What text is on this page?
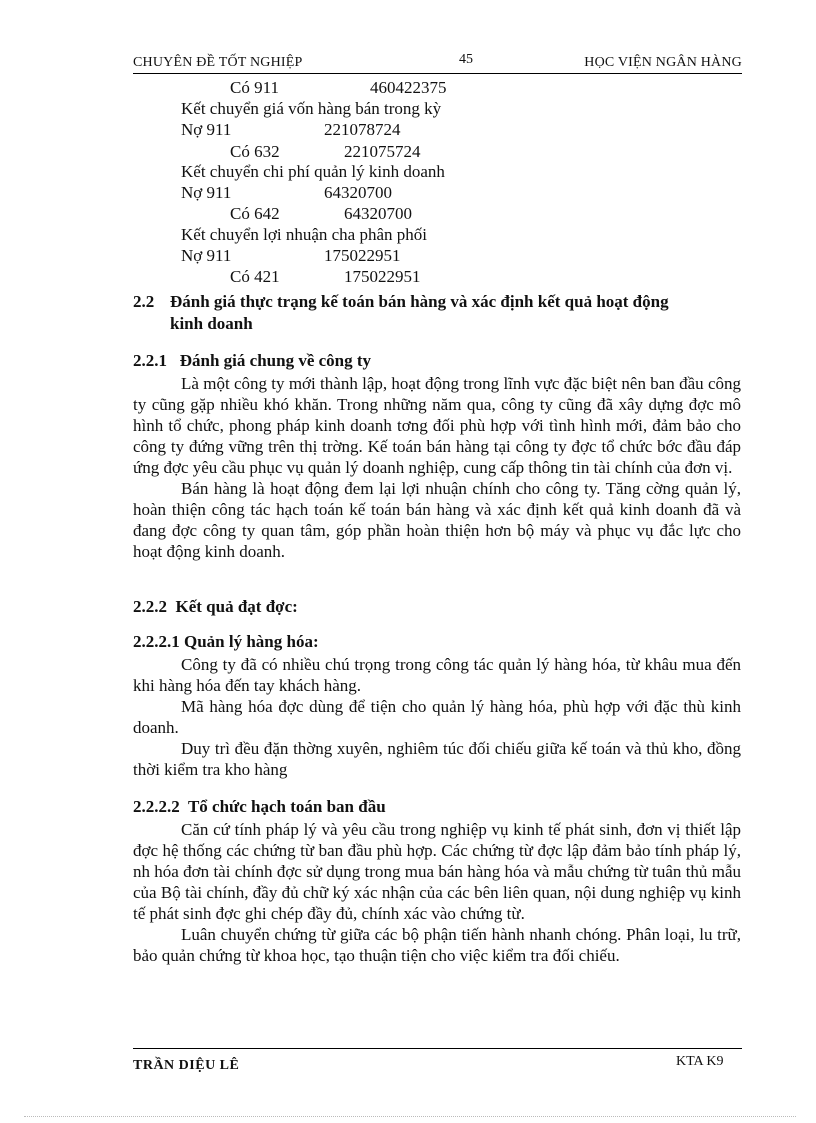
CHUYÊN ĐỀ TỐT NGHIỆP	45	HỌC VIỆN NGÂN HÀNG
Có 911	460422375
Kết chuyển giá vốn hàng bán trong kỳ
Nợ 911	221078724
Có 632	221075724
Kết chuyển chi phí quản lý kinh doanh
Nợ 911	64320700
Có 642	64320700
Kết chuyển lợi nhuận cha phân phối
Nợ 911	175022951
Có 421	175022951
2.2 Đánh giá thực trạng kế toán bán hàng và xác định kết quả hoạt động
kinh doanh
2.2.1   Đánh giá chung về công ty

Là một công ty mới thành lập, hoạt động trong lĩnh vực đặc biệt nên ban đầu công ty cũng gặp nhiều khó khăn. Trong những năm qua, công ty cũng đã xây dựng đợc mô hình tổ chức, phong pháp kinh doanh tơng đối phù hợp với tình hình mới, đảm bảo cho công ty đứng vững trên thị trờng. Kế toán bán hàng tại công ty đợc tổ chức bớc đầu đáp ứng đợc yêu cầu phục vụ quản lý doanh nghiệp, cung cấp thông tin tài chính của đơn vị.

Bán hàng là hoạt động đem lại lợi nhuận chính cho công ty. Tăng cờng quản lý, hoàn thiện công tác hạch toán kế toán bán hàng và xác định kết quả kinh doanh đã và đang đợc công ty quan tâm, góp phần hoàn thiện hơn bộ máy và phục vụ đắc lực cho hoạt động kinh doanh.

2.2.2  Kết quả đạt đợc:
2.2.2.1 Quản lý hàng hóa:

Công ty đã có nhiều chú trọng trong công tác quản lý hàng hóa, từ khâu mua đến khi hàng hóa đến tay khách hàng.

Mã hàng hóa đợc dùng để tiện cho quản lý hàng hóa, phù hợp với đặc thù kinh doanh.

Duy trì đều đặn thờng xuyên, nghiêm túc đối chiếu giữa kế toán và thủ kho, đồng thời kiểm tra kho hàng

2.2.2.2  Tổ chức hạch toán ban đầu

Căn cứ tính pháp lý và yêu cầu trong nghiệp vụ kinh tế phát sinh, đơn vị thiết lập đợc hệ thống các chứng từ ban đầu phù hợp. Các chứng từ đợc lập đảm bảo tính pháp lý, nh hóa đơn tài chính đợc sử dụng trong mua bán hàng hóa và mẫu chứng từ tuân thủ mẫu của Bộ tài chính, đầy đủ chữ ký xác nhận của các bên liên quan, nội dung nghiệp vụ kinh tế phát sinh đợc ghi chép đầy đủ, chính xác vào chứng từ.

Luân chuyển chứng từ giữa các bộ phận tiến hành nhanh chóng. Phân loại, lu trữ, bảo quản chứng từ khoa học, tạo thuận tiện cho việc kiểm tra đối chiếu.

TRẦN DIỆU LÊ	KTA K9
